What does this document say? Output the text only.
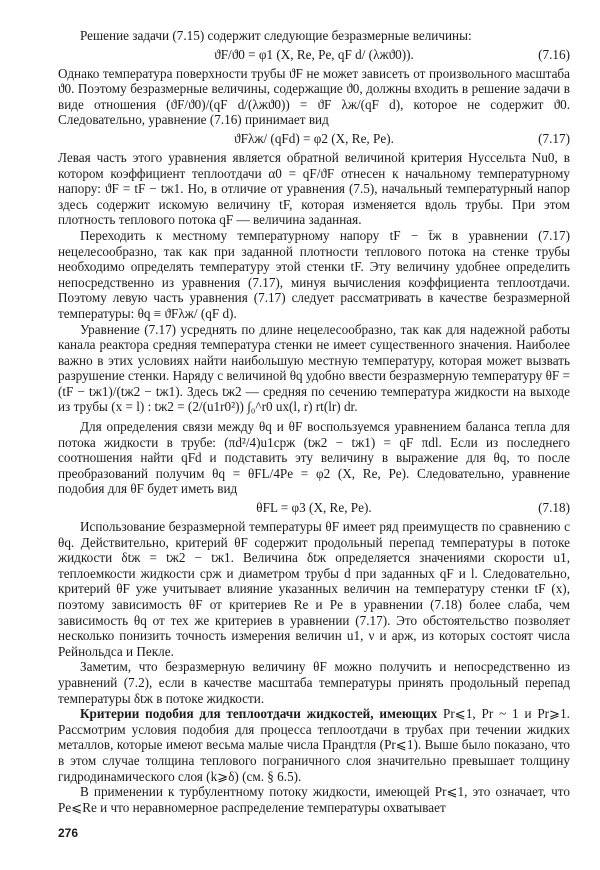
Решение задачи (7.15) содержит следующие безразмерные величины:

ϑF/ϑ0 = φ1 (X, Re, Pe, qF d/ (λжϑ0)).	(7.16)

Однако температура поверхности трубы ϑF не может зависеть от произвольного масштаба ϑ0. Поэтому безразмерные величины, содержащие ϑ0, должны входить в решение задачи в виде отношения (ϑF/ϑ0)/(qF d/(λжϑ0)) = ϑF λж/(qF d), которое не содержит ϑ0. Следовательно, уравнение (7.16) принимает вид

ϑFλж/ (qFd) = φ2 (X, Re, Pe).	(7.17)

Левая часть этого уравнения является обратной величиной критерия Нуссельта Nu0, в котором коэффициент теплоотдачи α0 = qF/ϑF отнесен к начальному температурному напору: ϑF = tF − tж1. Но, в отличие от уравнения (7.5), начальный температурный напор здесь содержит искомую величину tF, которая изменяется вдоль трубы. При этом плотность теплового потока qF — величина заданная.

Переходить к местному температурному напору tF − t̄ж в уравнении (7.17) нецелесообразно, так как при заданной плотности теплового потока на стенке трубы необходимо определять температуру этой стенки tF. Эту величину удобнее определить непосредственно из уравнения (7.17), минуя вычисления коэффициента теплоотдачи. Поэтому левую часть уравнения (7.17) следует рассматривать в качестве безразмерной температуры: θq ≡ ϑFλж/ (qF d).

Уравнение (7.17) усреднять по длине нецелесообразно, так как для надежной работы канала реактора средняя температура стенки не имеет существенного значения. Наиболее важно в этих условиях найти наибольшую местную температуру, которая может вызвать разрушение стенки. Наряду с величиной θq удобно ввести безразмерную температуру θF = (tF − tж1)/(tж2 − tж1). Здесь tж2 — средняя по сечению температура жидкости на выходе из трубы (x = l) : tж2 = (2/(u1r0²)) ∫₀^r0 ux(l, r) rt(lr) dr.

Для определения связи между θq и θF воспользуемся уравнением баланса тепла для потока жидкости в трубе: (πd²/4)u1cpж (tж2 − tж1) = qF πdl. Если из последнего соотношения найти qFd и подставить эту величину в выражение для θq, то после преобразований получим θq = θFL/4Pe = φ2 (X, Re, Pe). Следовательно, уравнение подобия для θF будет иметь вид

θFL = φ3 (X, Re, Pe).	(7.18)

Использование безразмерной температуры θF имеет ряд преимуществ по сравнению с θq. Действительно, критерий θF содержит продольный перепад температуры в потоке жидкости δtж = tж2 − tж1. Величина δtж определяется значениями скорости u1, теплоемкости жидкости cpж и диаметром трубы d при заданных qF и l. Следовательно, критерий θF уже учитывает влияние указанных величин на температуру стенки tF (x), поэтому зависимость θF от критериев Re и Pe в уравнении (7.18) более слаба, чем зависимость θq от тех же критериев в уравнении (7.17). Это обстоятельство позволяет несколько понизить точность измерения величин u1, ν и aрж, из которых состоят числа Рейнольдса и Пекле.

Заметим, что безразмерную величину θF можно получить и непосредственно из уравнений (7.2), если в качестве масштаба температуры принять продольный перепад температуры δtж в потоке жидкости.

Критерии подобия для теплоотдачи жидкостей, имеющих Pr⩽1, Pr ~ 1 и Pr⩾1. Рассмотрим условия подобия для процесса теплоотдачи в трубах при течении жидких металлов, которые имеют весьма малые числа Прандтля (Pr⩽1). Выше было показано, что в этом случае толщина теплового пограничного слоя значительно превышает толщину гидродинамического слоя (k⩾δ) (см. § 6.5).

В применении к турбулентному потоку жидкости, имеющей Pr⩽1, это означает, что Pe⩽Re и что неравномерное распределение температуры охватывает

276
